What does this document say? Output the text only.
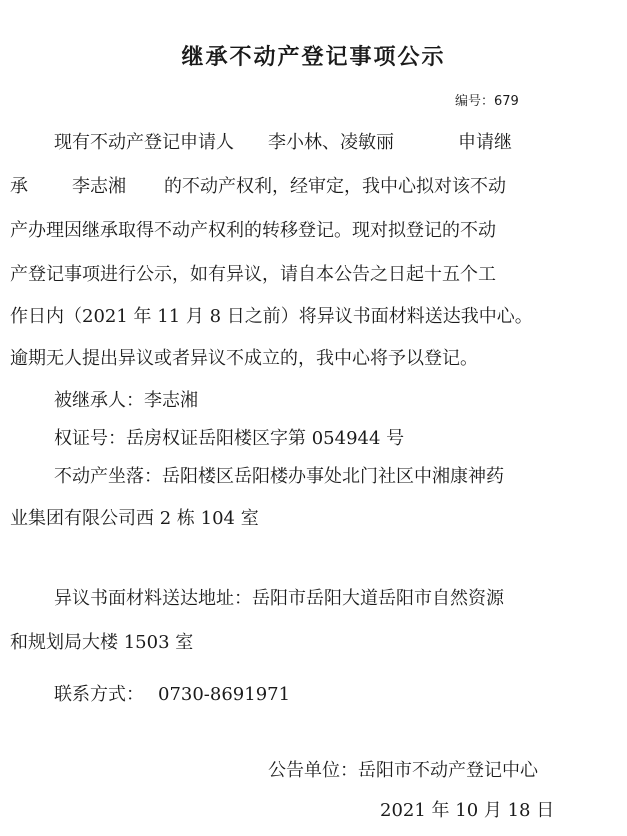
继承不动产登记事项公示
编号：679
现有不动产登记申请人 李小林、凌敏丽	申请继
承 李志湘 的不动产权利，经审定，我中心拟对该不动
产办理因继承取得不动产权利的转移登记。现对拟登记的不动
产登记事项进行公示，如有异议，请自本公告之日起十五个工
作日内（2021 年 11 月 8 日之前）将异议书面材料送达我中心。
逾期无人提出异议或者异议不成立的，我中心将予以登记。
被继承人：李志湘
权证号：岳房权证岳阳楼区字第 054944 号
不动产坐落：岳阳楼区岳阳楼办事处北门社区中湘康神药
业集团有限公司西 2 栋 104 室
异议书面材料送达地址：岳阳市岳阳大道岳阳市自然资源
和规划局大楼 1503 室
联系方式： 0730-8691971
公告单位：岳阳市不动产登记中心
2021 年 10 月 18 日
